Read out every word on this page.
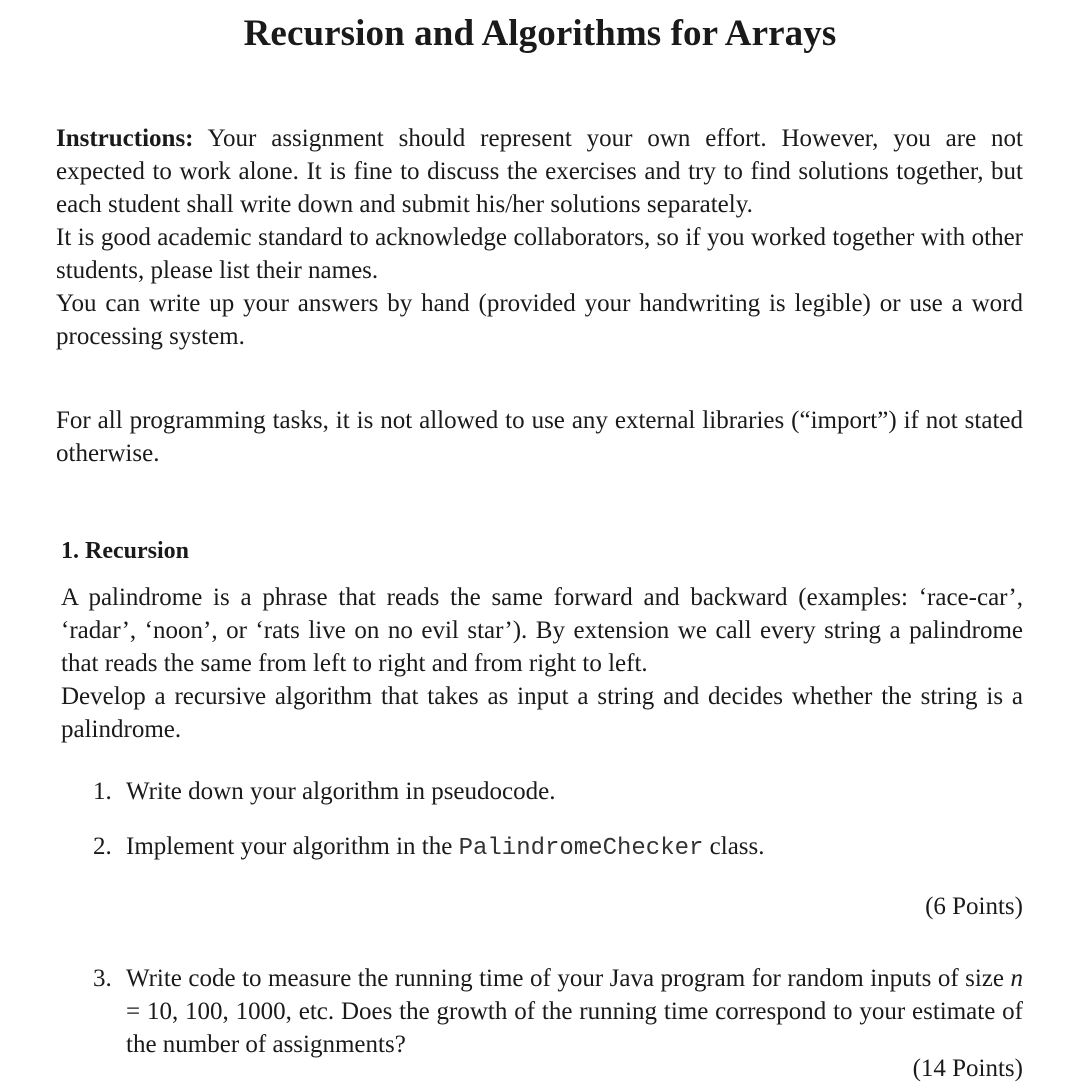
Recursion and Algorithms for Arrays

Instructions: Your assignment should represent your own effort. However, you are not expected to work alone. It is fine to discuss the exercises and try to find solutions together, but each student shall write down and submit his/her solutions separately.

It is good academic standard to acknowledge collaborators, so if you worked together with other students, please list their names.

You can write up your answers by hand (provided your handwriting is legible) or use a word processing system.

For all programming tasks, it is not allowed to use any external libraries (“import”) if not stated otherwise.
1. Recursion

A palindrome is a phrase that reads the same forward and backward (examples: ‘race-car’, ‘radar’, ‘noon’, or ‘rats live on no evil star’). By extension we call every string a palindrome that reads the same from left to right and from right to left.

Develop a recursive algorithm that takes as input a string and decides whether the string is a palindrome.

1. Write down your algorithm in pseudocode.
2. Implement your algorithm in the PalindromeChecker class.
(6 Points)
3. Write code to measure the running time of your Java program for random inputs of size n = 10, 100, 1000, etc. Does the growth of the running time correspond to your estimate of the number of assignments?
(14 Points)
